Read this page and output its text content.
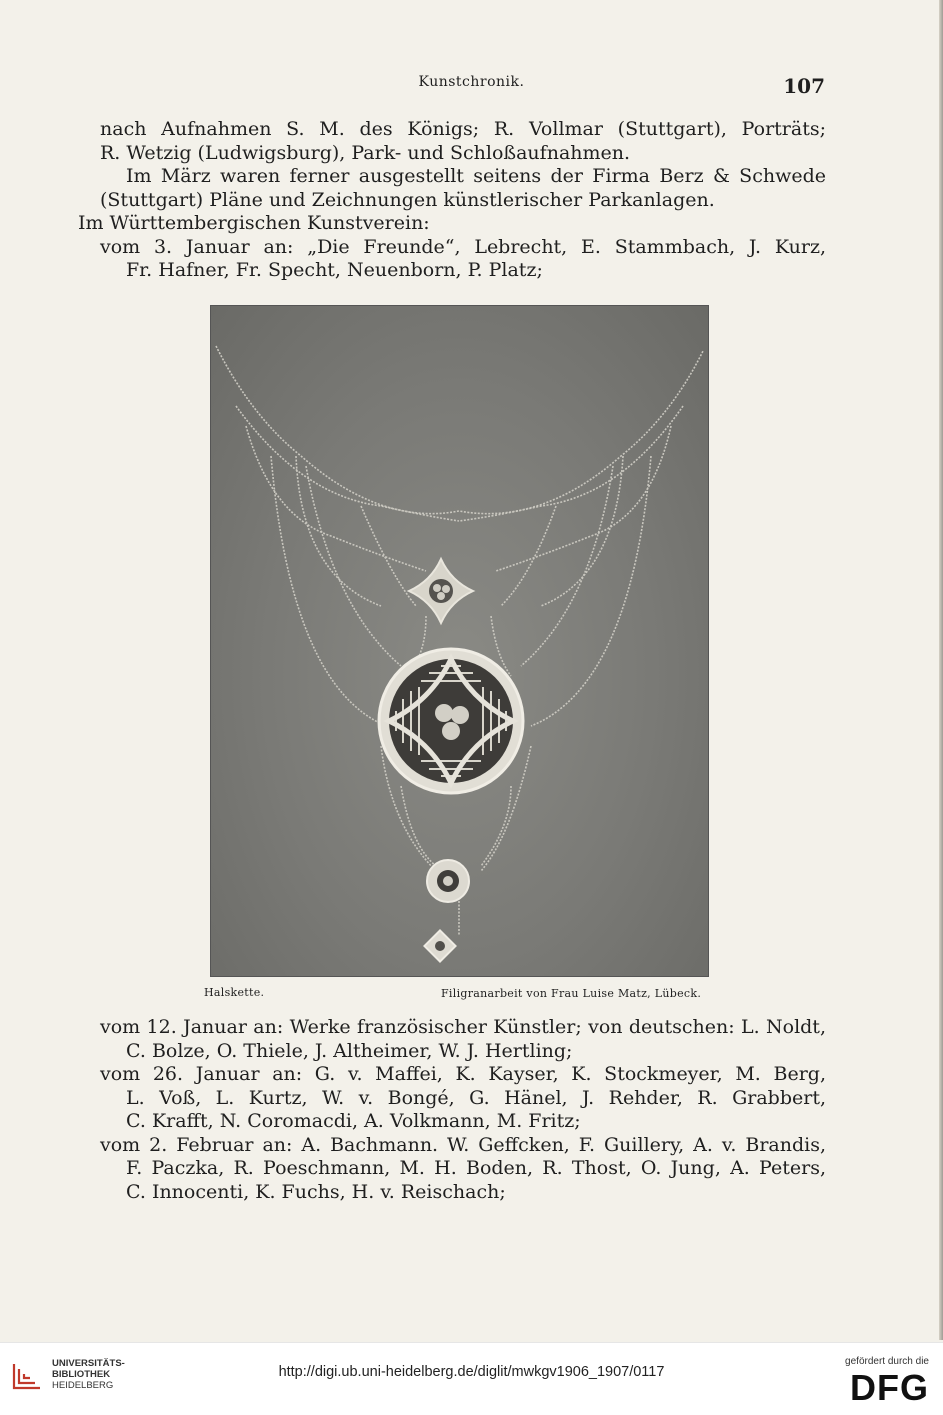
Kunstchronik.	107
nach Aufnahmen S. M. des Königs; R. Vollmar (Stuttgart), Porträts;
R. Wetzig (Ludwigsburg), Park- und Schloßaufnahmen.
Im März waren ferner ausgestellt seitens der Firma Berz & Schwede
(Stuttgart) Pläne und Zeichnungen künstlerischer Parkanlagen.
Im Württembergischen Kunstverein:
vom 3. Januar an: „Die Freunde“, Lebrecht, E. Stammbach, J. Kurz,
Fr. Hafner, Fr. Specht, Neuenborn, P. Platz;
Halskette.	Filigranarbeit von Frau Luise Matz, Lübeck.
vom 12. Januar an: Werke französischer Künstler; von deutschen: L. Noldt,
C. Bolze, O. Thiele, J. Altheimer, W. J. Hertling;
vom 26. Januar an: G. v. Maffei, K. Kayser, K. Stockmeyer, M. Berg,
L. Voß, L. Kurtz, W. v. Bongé, G. Hänel, J. Rehder, R. Grabbert,
C. Krafft, N. Coromacdi, A. Volkmann, M. Fritz;
vom 2. Februar an: A. Bachmann. W. Geffcken, F. Guillery, A. v. Brandis,
F. Paczka, R. Poeschmann, M. H. Boden, R. Thost, O. Jung, A. Peters,
C. Innocenti, K. Fuchs, H. v. Reischach;
UNIVERSITÄTS-
BIBLIOTHEK
HEIDELBERG
http://digi.ub.uni-heidelberg.de/diglit/mwkgv1906_1907/0117
gefördert durch die
DFG
